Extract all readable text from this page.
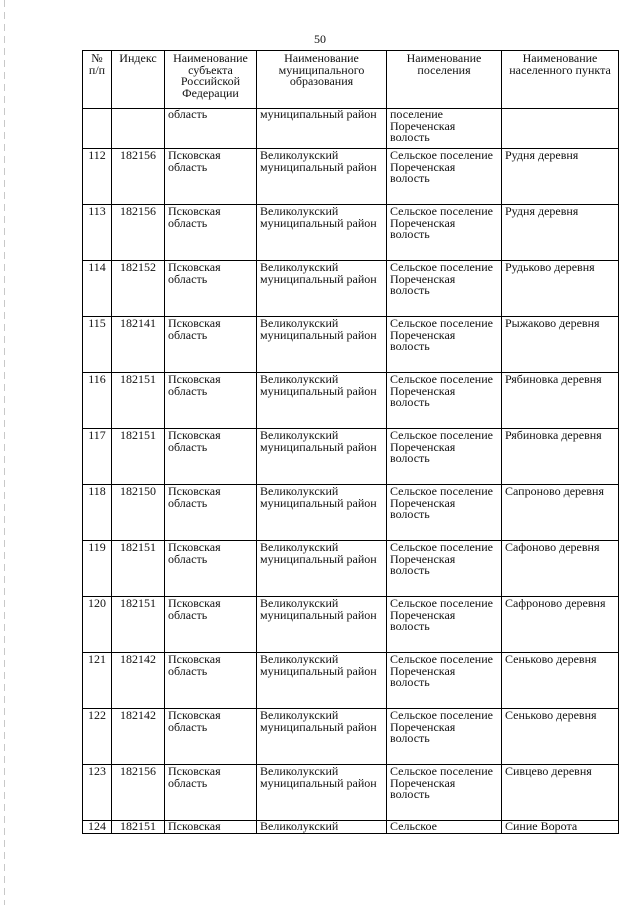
50
№ п/п	Индекс	Наименование субъекта Российской Федерации	Наименование муниципального образования	Наименование поселения	Наименование населенного пункта
		область	муниципальный район	поселение Пореченская волость	
112	182156	Псковская область	Великолукский муниципальный район	Сельское поселение Пореченская волость	Рудня деревня
113	182156	Псковская область	Великолукский муниципальный район	Сельское поселение Пореченская волость	Рудня деревня
114	182152	Псковская область	Великолукский муниципальный район	Сельское поселение Пореченская волость	Рудьково деревня
115	182141	Псковская область	Великолукский муниципальный район	Сельское поселение Пореченская волость	Рыжаково деревня
116	182151	Псковская область	Великолукский муниципальный район	Сельское поселение Пореченская волость	Рябиновка деревня
117	182151	Псковская область	Великолукский муниципальный район	Сельское поселение Пореченская волость	Рябиновка деревня
118	182150	Псковская область	Великолукский муниципальный район	Сельское поселение Пореченская волость	Сапроново деревня
119	182151	Псковская область	Великолукский муниципальный район	Сельское поселение Пореченская волость	Сафоново деревня
120	182151	Псковская область	Великолукский муниципальный район	Сельское поселение Пореченская волость	Сафроново деревня
121	182142	Псковская область	Великолукский муниципальный район	Сельское поселение Пореченская волость	Сеньково деревня
122	182142	Псковская область	Великолукский муниципальный район	Сельское поселение Пореченская волость	Сеньково деревня
123	182156	Псковская область	Великолукский муниципальный район	Сельское поселение Пореченская волость	Сивцево деревня
124	182151	Псковская	Великолукский	Сельское	Синие Ворота
